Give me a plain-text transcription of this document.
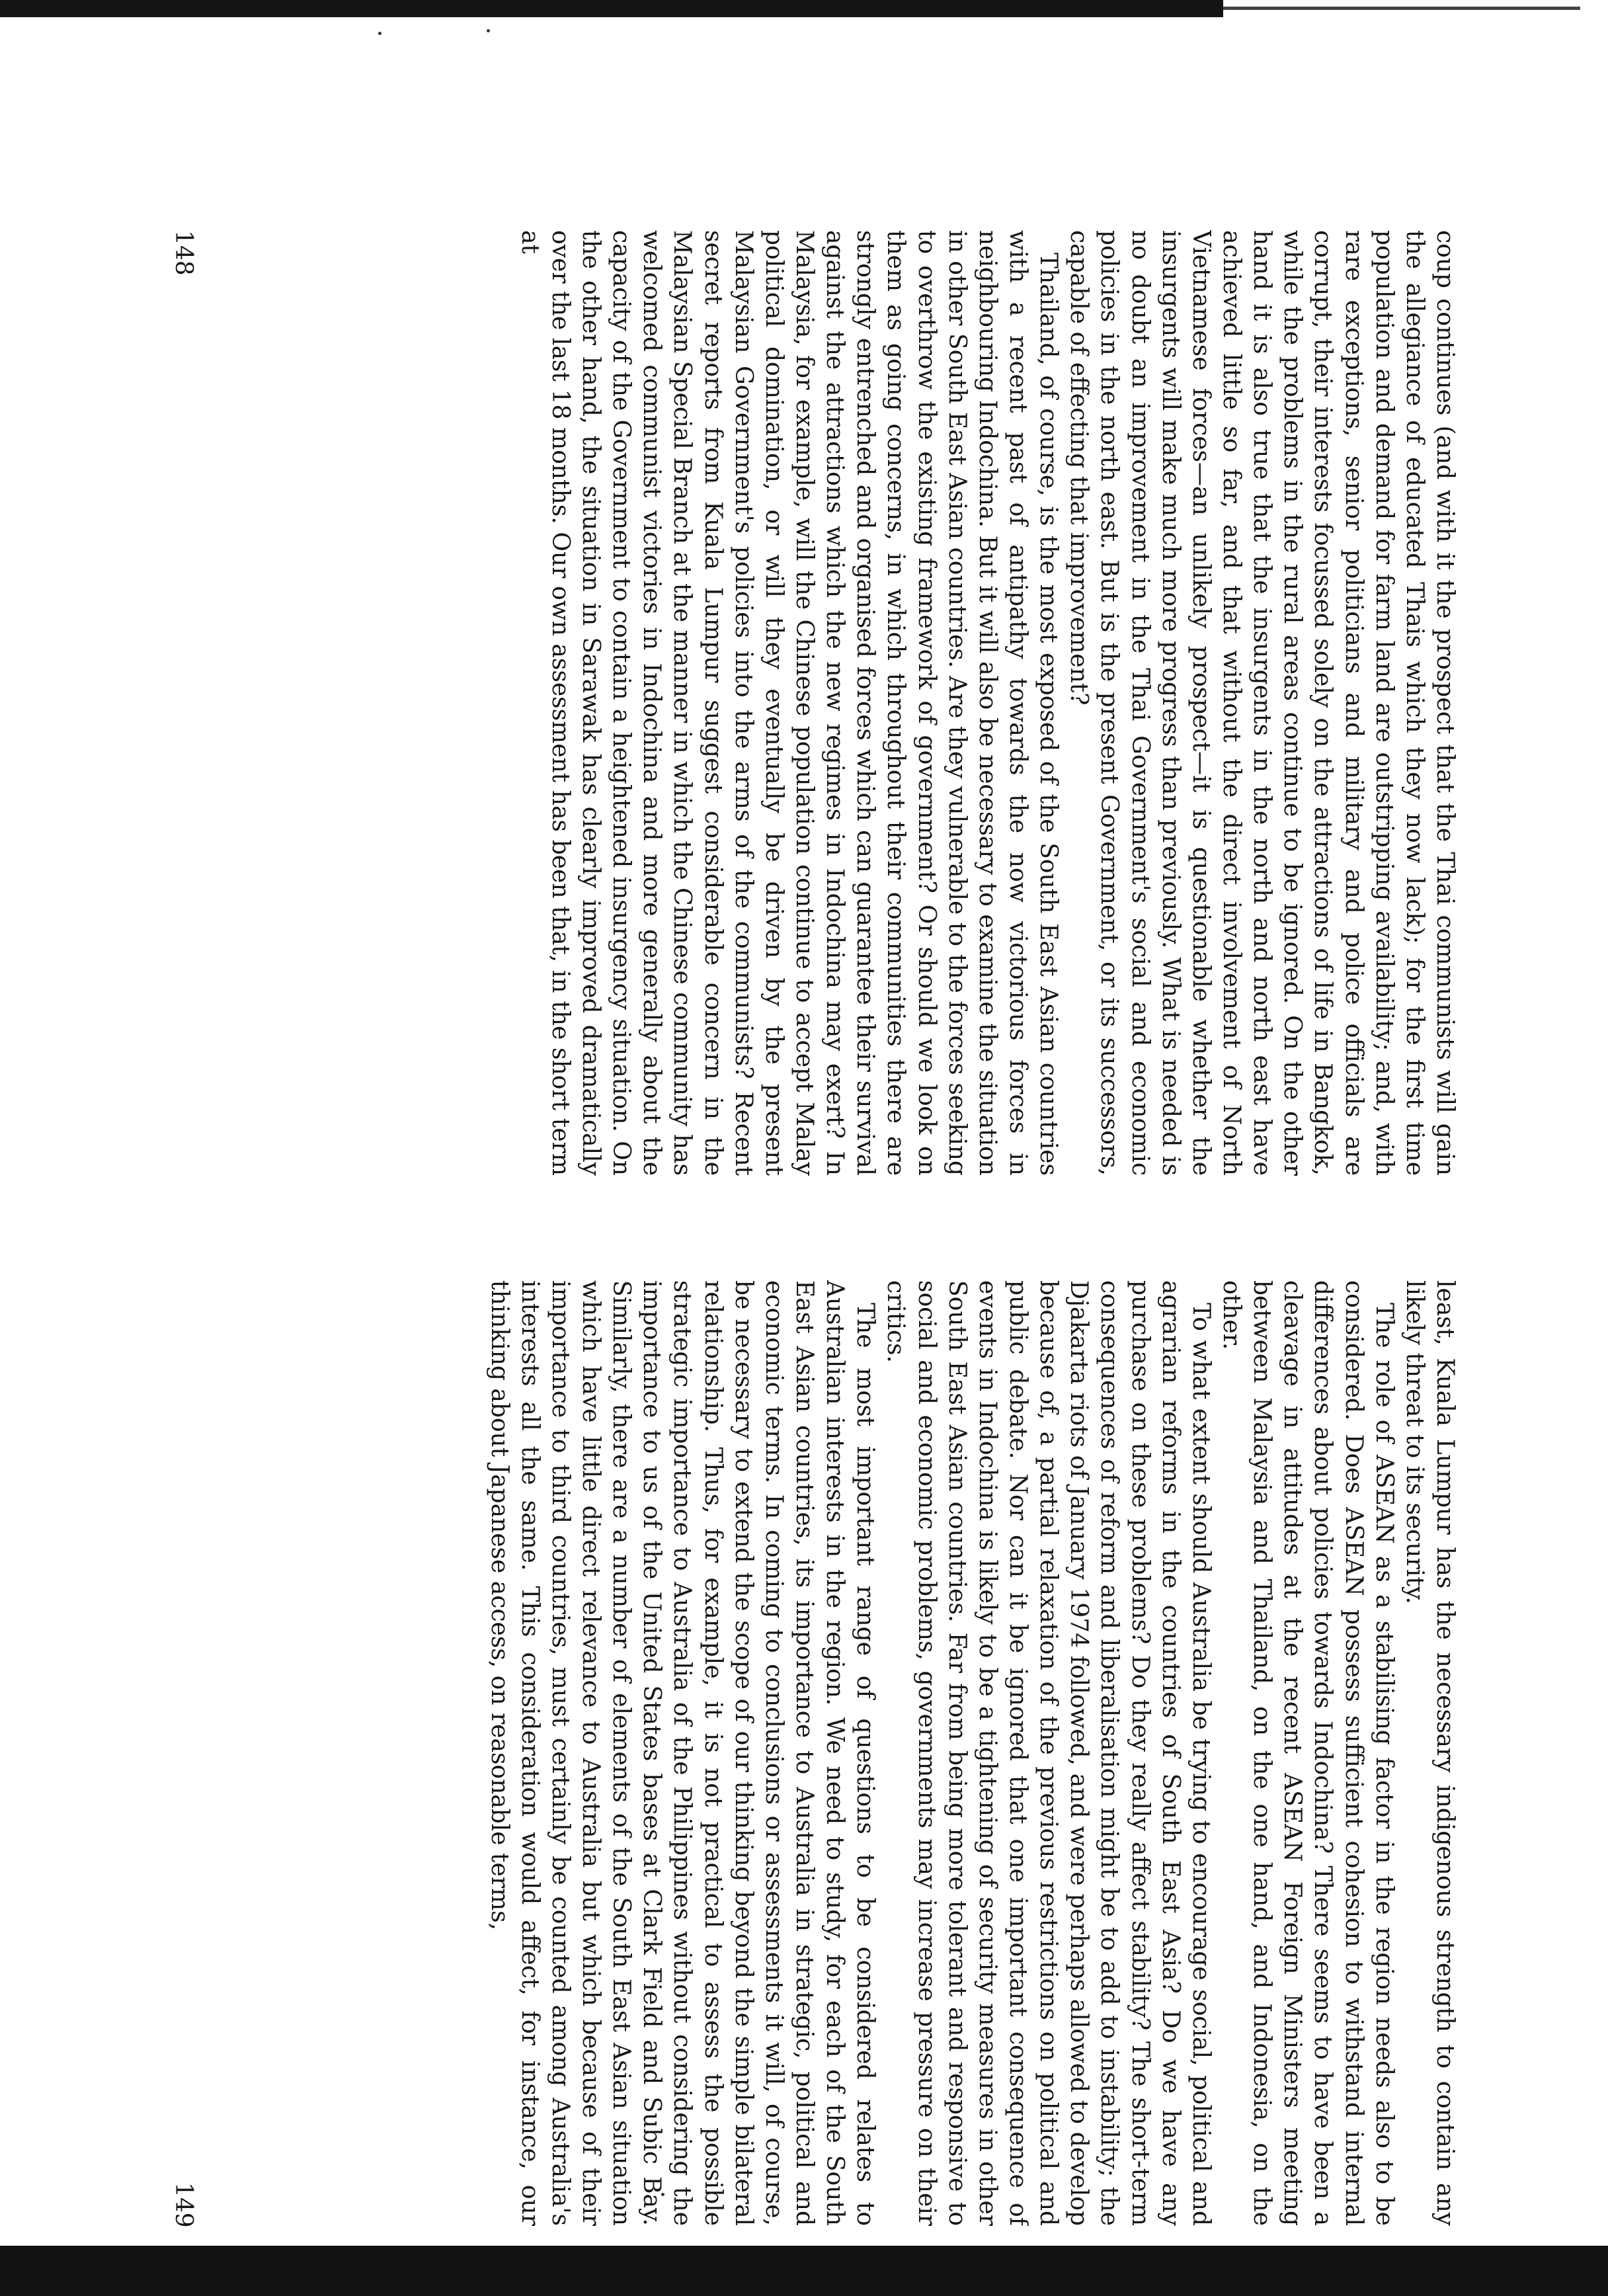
coup continues (and with it the prospect that the Thai communists will gain the allegiance of educated Thais which they now lack); for the first time population and demand for farm land are outstripping availability; and, with rare exceptions, senior politicians and military and police officials are corrupt, their interests focussed solely on the attractions of life in Bangkok, while the problems in the rural areas continue to be ignored. On the other hand it is also true that the insurgents in the north and north east have achieved little so far, and that without the direct involvement of North Vietnamese forces—an unlikely prospect—it is questionable whether the insurgents will make much more progress than previously. What is needed is no doubt an improvement in the Thai Government's social and economic policies in the north east. But is the present Government, or its successors, capable of effecting that improvement?

Thailand, of course, is the most exposed of the South East Asian countries with a recent past of antipathy towards the now victorious forces in neighbouring Indochina. But it will also be necessary to examine the situation in other South East Asian countries. Are they vulnerable to the forces seeking to overthrow the existing framework of government? Or should we look on them as going concerns, in which throughout their communities there are strongly entrenched and organised forces which can guarantee their survival against the attractions which the new regimes in Indochina may exert? In Malaysia, for example, will the Chinese population continue to accept Malay political domination, or will they eventually be driven by the present Malaysian Government's policies into the arms of the communists? Recent secret reports from Kuala Lumpur suggest considerable concern in the Malaysian Special Branch at the manner in which the Chinese community has welcomed communist victories in Indochina and more generally about the capacity of the Government to contain a heightened insurgency situation. On the other hand, the situation in Sarawak has clearly improved dramatically over the last 18 months. Our own assessment has been that, in the short term at

least, Kuala Lumpur has the necessary indigenous strength to contain any likely threat to its security.

The role of ASEAN as a stabilising factor in the region needs also to be considered. Does ASEAN possess sufficient cohesion to withstand internal differences about policies towards Indochina? There seems to have been a cleavage in attitudes at the recent ASEAN Foreign Ministers meeting between Malaysia and Thailand, on the one hand, and Indonesia, on the other.

To what extent should Australia be trying to encourage social, political and agrarian reforms in the countries of South East Asia? Do we have any purchase on these problems? Do they really affect stability? The short-term consequences of reform and liberalisation might be to add to instability; the Djakarta riots of January 1974 followed, and were perhaps allowed to develop because of, a partial relaxation of the previous restrictions on political and public debate. Nor can it be ignored that one important consequence of events in Indochina is likely to be a tightening of security measures in other South East Asian countries. Far from being more tolerant and responsive to social and economic problems, governments may increase pressure on their critics.

The most important range of questions to be considered relates to Australian interests in the region. We need to study, for each of the South East Asian countries, its importance to Australia in strategic, political and economic terms. In coming to conclusions or assessments it will, of course, be necessary to extend the scope of our thinking beyond the simple bilateral relationship. Thus, for example, it is not practical to assess the possible strategic importance to Australia of the Philippines without considering the importance to us of the United States bases at Clark Field and Subic Bay. Similarly, there are a number of elements of the South East Asian situation which have little direct relevance to Australia but which because of their importance to third countries, must certainly be counted among Australia's interests all the same. This consideration would affect, for instance, our thinking about Japanese access, on reasonable terms,

148
149
